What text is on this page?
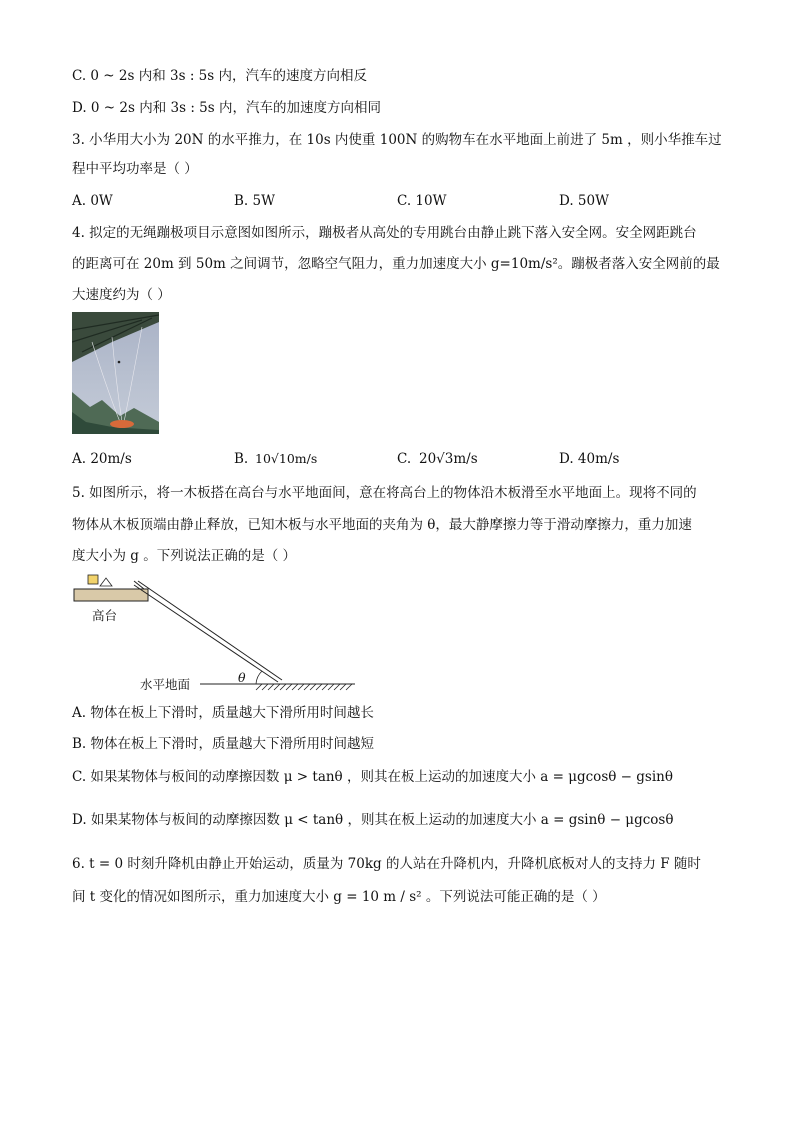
C. 0 ~ 2s 内和 3s : 5s 内，汽车的速度方向相反
D. 0 ~ 2s 内和 3s : 5s 内，汽车的加速度方向相同
3. 小华用大小为 20N 的水平推力，在 10s 内使重 100N 的购物车在水平地面上前进了 5m ，则小华推车过
程中平均功率是（ ）
A. 0W	B. 5W	C. 10W	D. 50W
4. 拟定的无绳蹦极项目示意图如图所示，蹦极者从高处的专用跳台由静止跳下落入安全网。安全网距跳台
的距离可在 20m 到 50m 之间调节，忽略空气阻力，重力加速度大小 g=10m/s²。蹦极者落入安全网前的最
大速度约为（ ）
A. 20m/s	B. 10√10m/s	C. 20√3m/s	D. 40m/s
5. 如图所示，将一木板搭在高台与水平地面间，意在将高台上的物体沿木板滑至水平地面上。现将不同的
物体从木板顶端由静止释放，已知木板与水平地面的夹角为 θ，最大静摩擦力等于滑动摩擦力，重力加速
度大小为 g 。下列说法正确的是（ ）
高台
水平地面	θ
A. 物体在板上下滑时，质量越大下滑所用时间越长
B. 物体在板上下滑时，质量越大下滑所用时间越短
C. 如果某物体与板间的动摩擦因数 μ > tanθ ，则其在板上运动的加速度大小 a = μgcosθ − gsinθ
D. 如果某物体与板间的动摩擦因数 μ < tanθ ，则其在板上运动的加速度大小 a = gsinθ − μgcosθ
6. t = 0 时刻升降机由静止开始运动，质量为 70kg 的人站在升降机内，升降机底板对人的支持力 F 随时
间 t 变化的情况如图所示，重力加速度大小 g = 10 m / s² 。下列说法可能正确的是（ ）
